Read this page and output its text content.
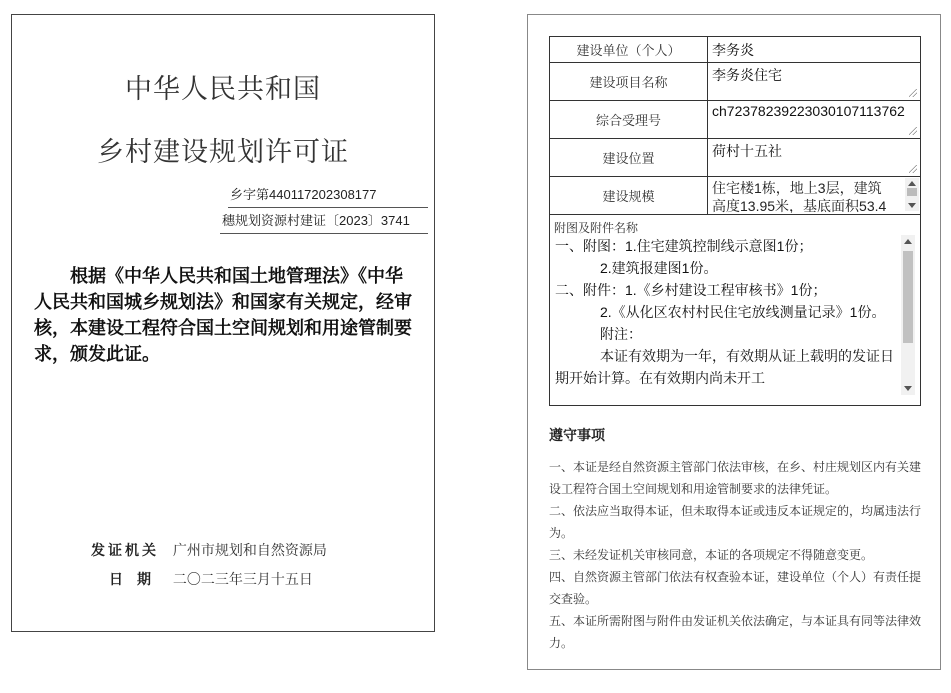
中华人民共和国
乡村建设规划许可证
乡字第440117202308177
穗规划资源村建证〔2023〕3741
根据《中华人民共和国土地管理法》《中华人民共和国城乡规划法》和国家有关规定，经审核，本建设工程符合国土空间规划和用途管制要求，颁发此证。
发证机关 广州市规划和自然资源局
日期 二〇二三年三月十五日
建设单位（个人）	李务炎

建设项目名称	李务炎住宅

综合受理号	ch72378239223030107113762

建设位置	荷村十五社

建设规模	住宅楼1栋，地上3层，建筑
高度13.95米，基底面积53.4
附图及附件名称
一、附图：1.住宅建筑控制线示意图1份；
2.建筑报建图1份。
二、附件：1.《乡村建设工程审核书》1份；
2.《从化区农村村民住宅放线测量记录》1份。
附注：
本证有效期为一年，有效期从证上载明的发证日
期开始计算。在有效期内尚未开工
遵守事项
一、本证是经自然资源主管部门依法审核，在乡、村庄规划区内有关建设工程符合国土空间规划和用途管制要求的法律凭证。
二、依法应当取得本证，但未取得本证或违反本证规定的，均属违法行为。
三、未经发证机关审核同意，本证的各项规定不得随意变更。
四、自然资源主管部门依法有权查验本证，建设单位（个人）有责任提交查验。
五、本证所需附图与附件由发证机关依法确定，与本证具有同等法律效力。
